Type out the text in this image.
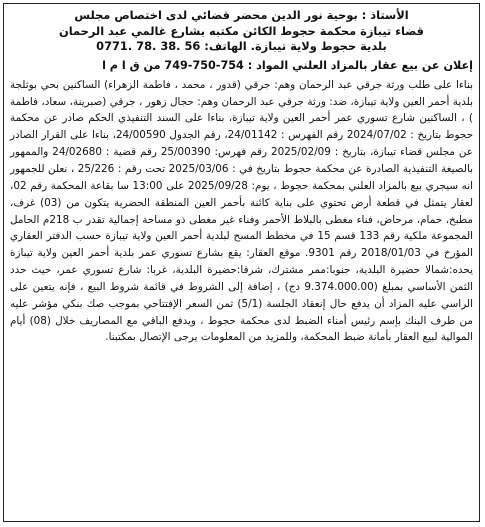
الأستاذ : بوحية نور الدين محضر قضائي لدى اختصاص مجلس

قضاء تيبازة محكمة حجوط الكائن مكتبه بشارع غالمي عبد الرحمان

بلدية حجوط ولاية تيبازة. الهاتف: 56 .38 .78 .0771

إعلان عن بيع عقار بالمزاد العلني المواد : 754-750-749 من ق ا م ا
بناءا على طلب ورثة جرقي عبد الرحمان وهم: جرقي (قدور ، محمد ، فاطمة الزهراء) الساكنين بحي بوثلجة بلدية أحمر العين ولاية تيبازة، ضد: ورثة جرقي عبد الرحمان وهم: حجال زهور ، جرقي (صبرينة، سعاد، فاطمة ) ، الساكنين شارع تسوري عمر أحمر العين ولاية تيبازة، بناءا على السند التنفيذي الحكم صادر عن محكمة حجوط بتاريخ : 2024/07/02 رقم الفهرس : 24/01142، رقم الجدول 24/00590، بناءا على القرار الصادر عن مجلس قضاء تيبازة، بتاريخ : 2025/02/09 رقم فهرس: 25/00390 رقم قضية : 24/02680 والممهور بالصيغة التنفيذية الصادرة عن محكمة حجوط بتاريخ في : 2025/03/06 تحت رقم : 25/226 ، نعلن للجمهور انه سيجري بيع بالمزاد العلني بمحكمة حجوط ، يوم: 2025/09/28 على 13:00 سا بقاعة المحكمة رقم 02، لعقار يتمثل في قطعة أرض تحتوي على بناية كائنة بأحمر العين المنطقة الحضرية يتكون من (03) غرف، مطبخ، حمام، مرحاض، فناء مغطى بالبلاط الأحمر وفناء غير مغطى ذو مساحة إجمالية تقدر ب 218م الحامل المجموعة ملكية رقم 133 قسم 15 في مخطط المسح لبلدية أحمر العين ولاية تيبازة حسب الدفتر العقاري المؤرخ في 2018/01/03 رقم 9301. موقع العقار: يقع بشارع تسوري عمر بلدية أحمر العين ولاية تيبازة يحده:شمالا حضيرة البلدية، جنوبا:ممر مشترك، شرقا:حضيرة البلدية، غربا: شارع تسوري عمر، حيث حدد الثمن الأساسي بمبلغ (9.374.000.00 دج) ، إضافة إلى الشروط في قائمة شروط البيع ، فإنه يتعين على الراسي عليه المزاد أن يدفع حال إنعقاد الجلسة (5/1) ثمن السعر الإفتتاحي بموجب صك بنكي مؤشر عليه من طرف البنك بإسم رئيس أمناء الضبط لدى محكمة حجوط ، ويدفع الباقي مع المصاريف خلال (08) أيام الموالية لبيع العقار بأمانة ضبط المحكمة، وللمزيد من المعلومات يرجى الإتصال بمكتبنا.
